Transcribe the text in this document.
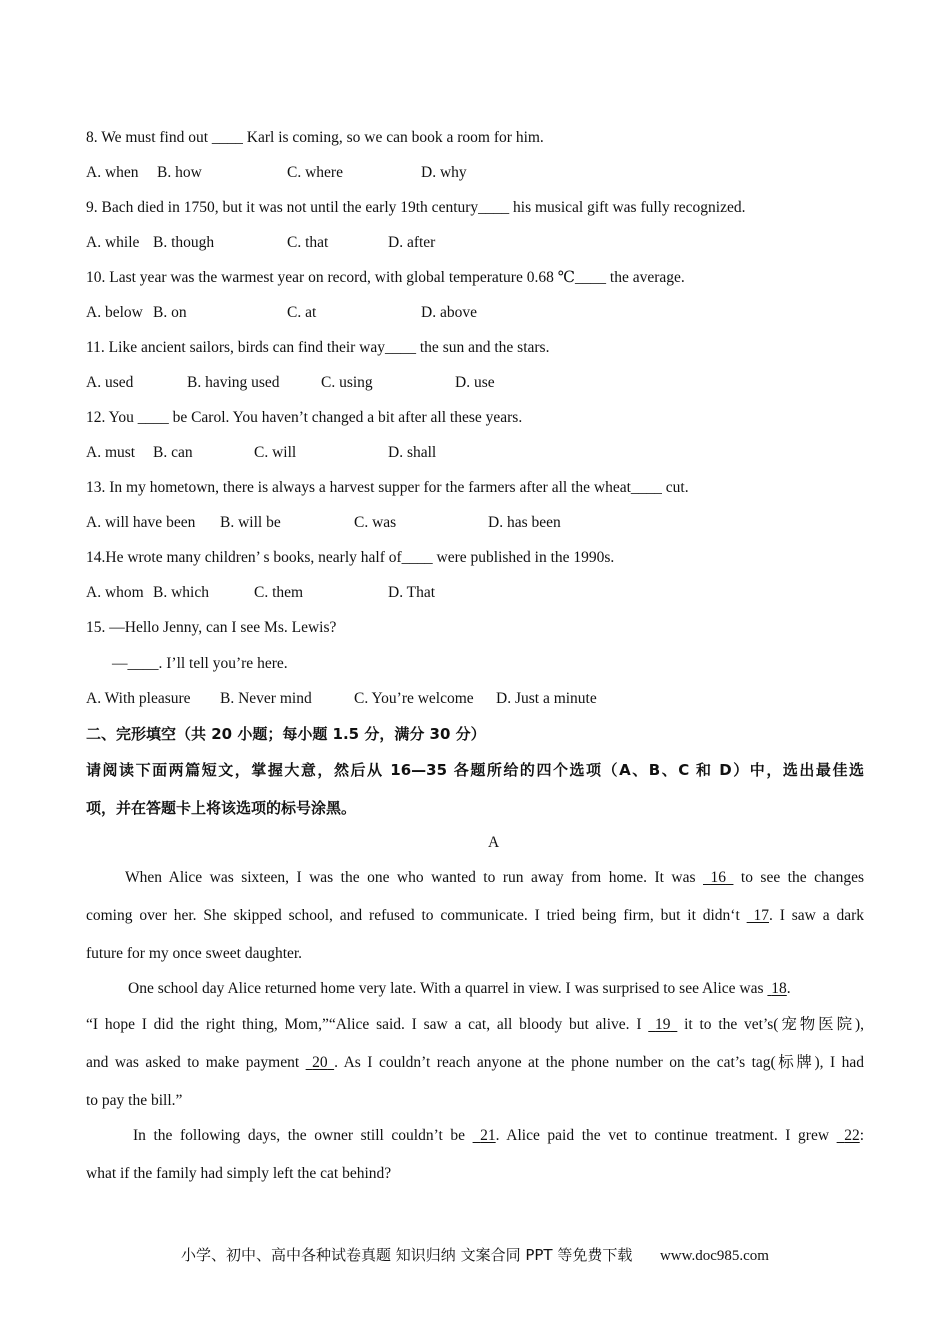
8. We must find out ____ Karl is coming, so we can book a room for him.
A. when B. how	C. where	D. why
9. Bach died in 1750, but it was not until the early 19th century____ his musical gift was fully recognized.
A. while B. though	C. that	D. after
10. Last year was the warmest year on record, with global temperature 0.68 ℃____ the average.
A. below B. on	C. at	D. above
11. Like ancient sailors, birds can find their way____ the sun and the stars.
A. used	B. having used	C. using	D. use
12. You ____ be Carol. You haven’t changed a bit after all these years.
A. must B. can	C. will	D. shall
13. In my hometown, there is always a harvest supper for the farmers after all the wheat____ cut.
A. will have been B. will be	C. was	D. has been
14.He wrote many children’ s books, nearly half of____ were published in the 1990s.
A. whom B. which	C. them	D. That
15. —Hello Jenny, can I see Ms. Lewis?
—____. I’ll tell you’re here.
A. With pleasure B. Never mind	C. You’re welcome D. Just a minute
二、完形填空（共 20 小题；每小题 1.5 分，满分 30 分）
请阅读下面两篇短文，掌握大意，然后从 16—35 各题所给的四个选项（A、B、C 和 D）中，选出最佳选
项，并在答题卡上将该选项的标号涂黑。
A
When Alice was sixteen, I was the one who wanted to run away from home. It was  16  to see the changes
coming over her. She skipped school, and refused to communicate. I tried being firm, but it didn‘t  17. I saw a dark
future for my once sweet daughter.
One school day Alice returned home very late. With a quarrel in view. I was surprised to see Alice was  18.
“I hope I did the right thing, Mom,”“Alice said. I saw a cat, all bloody but alive. I  19  it to the vet’s(宠物医院),
and was asked to make payment  20 . As I couldn’t reach anyone at the phone number on the cat’s tag(标牌), I had
to pay the bill.”
In the following days, the owner still couldn’t be  21. Alice paid the vet to continue treatment. I grew  22:
what if the family had simply left the cat behind?
小学、初中、高中各种试卷真题 知识归纳 文案合同 PPT 等免费下载 www.doc985.com
